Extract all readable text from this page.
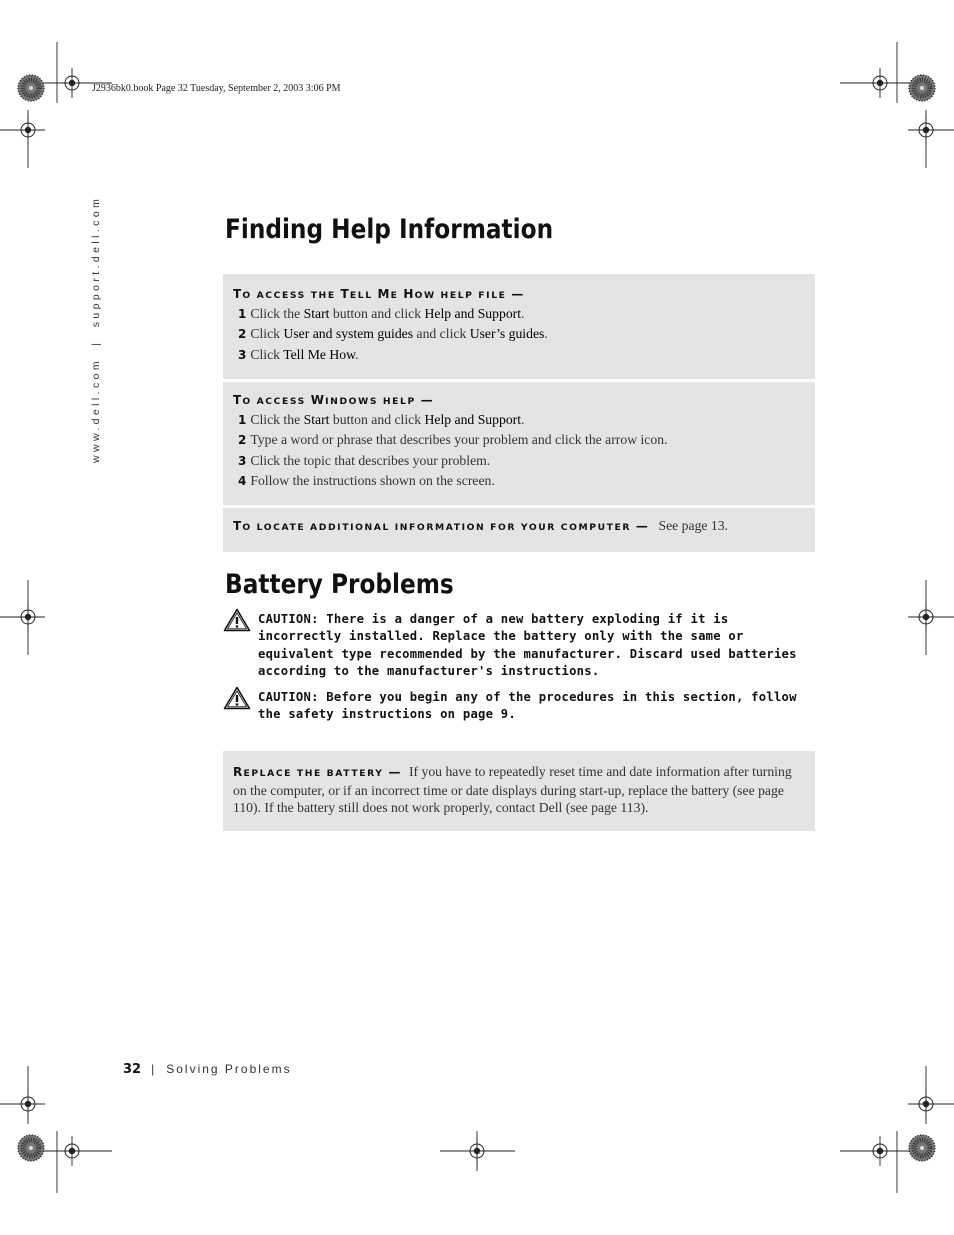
J2936bk0.book Page 32 Tuesday, September 2, 2003 3:06 PM
www.dell.com | support.dell.com	Finding Help Information
TO ACCESS THE TELL ME HOW HELP FILE —
1 Click the Start button and click Help and Support.
2 Click User and system guides and click User’s guides.
3 Click Tell Me How.
TO ACCESS WINDOWS HELP —
1 Click the Start button and click Help and Support.
2 Type a word or phrase that describes your problem and click the arrow icon.
3 Click the topic that describes your problem.
4 Follow the instructions shown on the screen.
TO LOCATE ADDITIONAL INFORMATION FOR YOUR COMPUTER — See page 13.
Battery Problems
CAUTION: There is a danger of a new battery exploding if it is incorrectly installed. Replace the battery only with the same or equivalent type recommended by the manufacturer. Discard used batteries according to the manufacturer's instructions.
CAUTION: Before you begin any of the procedures in this section, follow the safety instructions on page 9.
REPLACE THE BATTERY — If you have to repeatedly reset time and date information after turning on the computer, or if an incorrect time or date displays during start-up, replace the battery (see page 110). If the battery still does not work properly, contact Dell (see page 113).
32 | Solving Problems
